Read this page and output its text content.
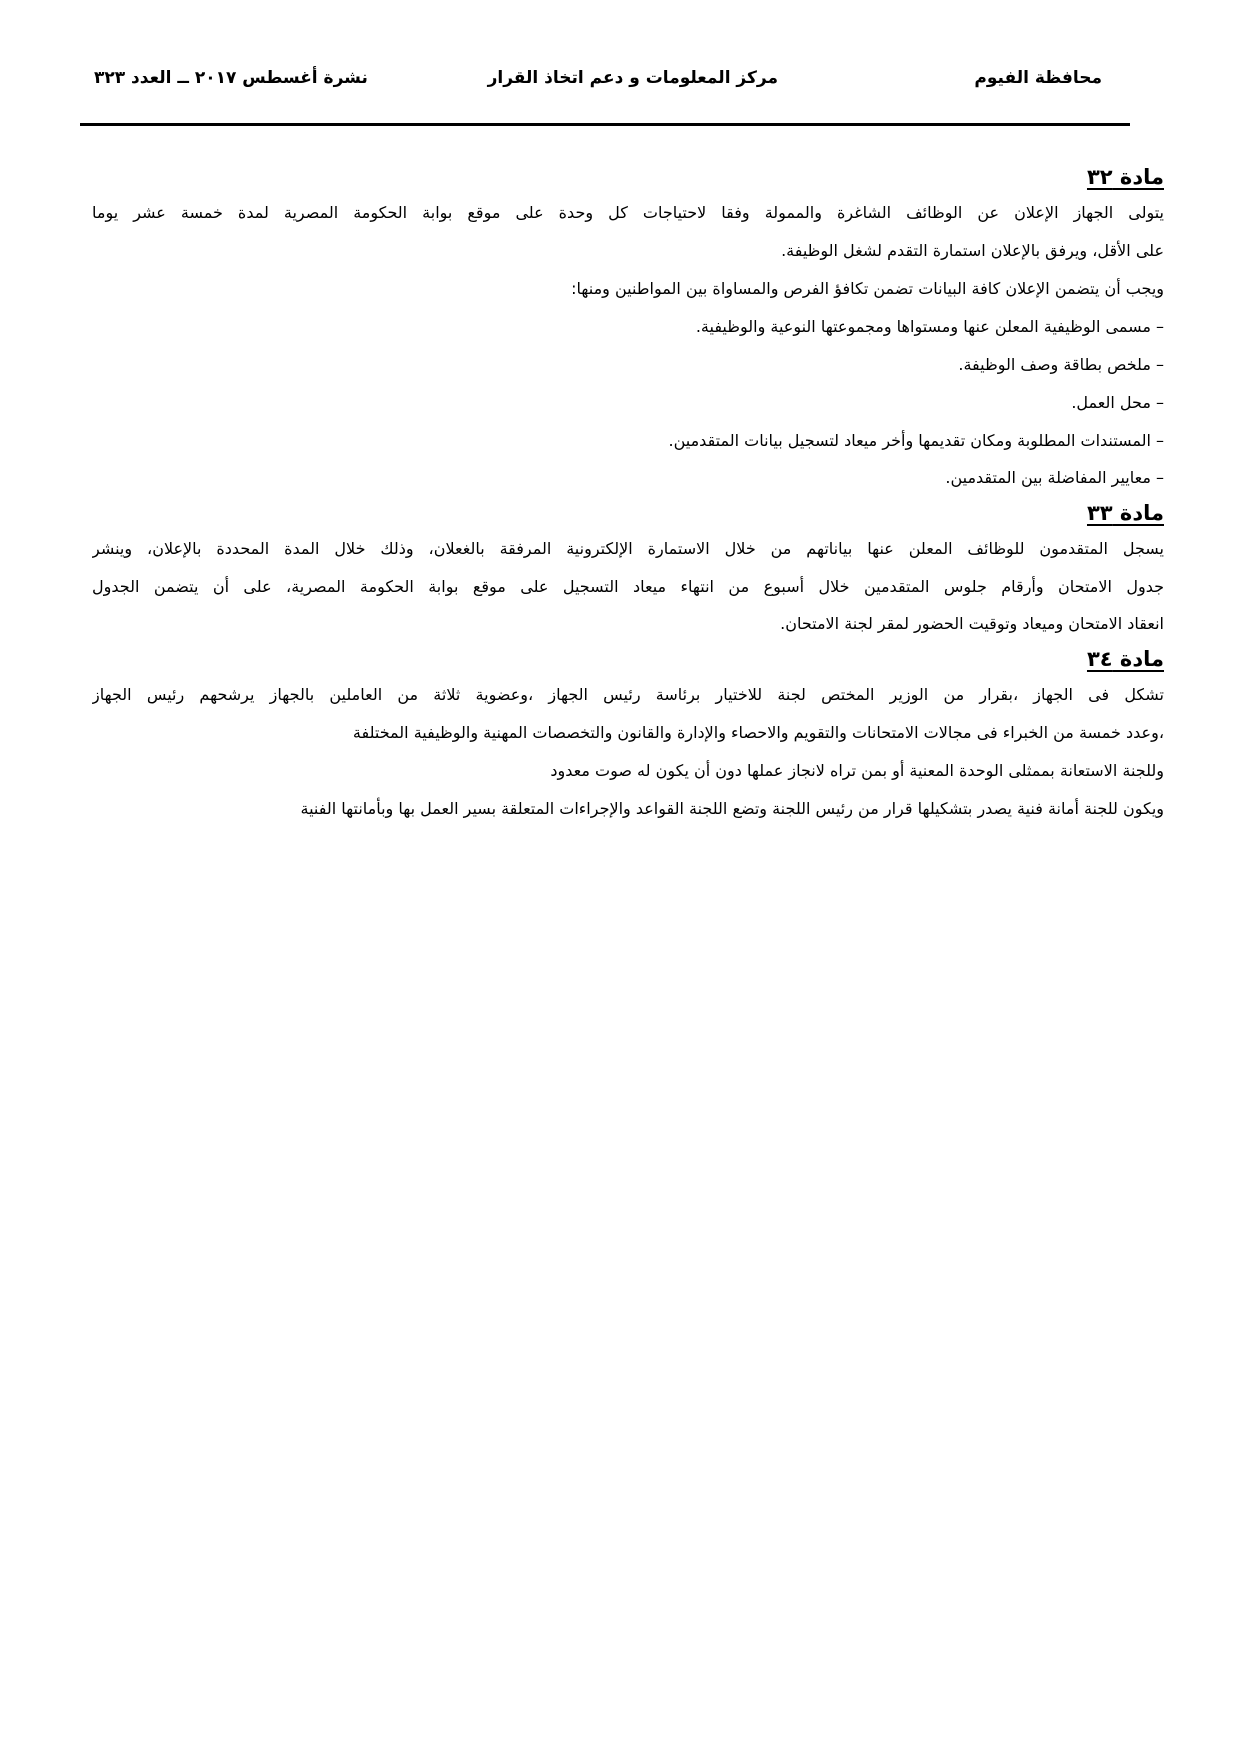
محافظة الفيوم
مركز المعلومات و دعم اتخاذ القرار
نشرة أغسطس ٢٠١٧ ــ العدد ٣٢٣
مادة ٣٢

يتولى الجهاز الإعلان عن الوظائف الشاغرة والممولة وفقا لاحتياجات كل وحدة على موقع بوابة الحكومة المصرية لمدة خمسة عشر يوما

على الأقل، ويرفق بالإعلان استمارة التقدم لشغل الوظيفة.

ويجب أن يتضمن الإعلان كافة البيانات تضمن تكافؤ الفرص والمساواة بين المواطنين ومنها:

– مسمى الوظيفية المعلن عنها ومستواها ومجموعتها النوعية والوظيفية.

– ملخص بطاقة وصف الوظيفة.

– محل العمل.

– المستندات المطلوبة ومكان تقديمها وأخر ميعاد لتسجيل بيانات المتقدمين.

– معايير المفاضلة بين المتقدمين.

مادة ٣٣

يسجل المتقدمون للوظائف المعلن عنها بياناتهم من خلال الاستمارة الإلكترونية المرفقة بالغعلان، وذلك خلال المدة المحددة بالإعلان، وينشر

جدول الامتحان وأرقام جلوس المتقدمين خلال أسبوع من انتهاء ميعاد التسجيل على موقع بوابة الحكومة المصرية، على أن يتضمن الجدول

انعقاد الامتحان وميعاد وتوقيت الحضور لمقر لجنة الامتحان.

مادة ٣٤

تشكل فى الجهاز ،بقرار من الوزير المختص لجنة للاختيار برئاسة رئيس الجهاز ،وعضوية ثلاثة من العاملين بالجهاز يرشحهم رئيس الجهاز

،وعدد خمسة من الخبراء فى مجالات الامتحانات والتقويم والاحصاء والإدارة والقانون والتخصصات المهنية والوظيفية المختلفة

وللجنة الاستعانة بممثلى الوحدة المعنية أو بمن تراه لانجاز عملها دون أن يكون له صوت معدود

ويكون للجنة أمانة فنية يصدر بتشكيلها قرار من رئيس اللجنة وتضع اللجنة القواعد والإجراءات المتعلقة بسير العمل بها وبأمانتها الفنية
